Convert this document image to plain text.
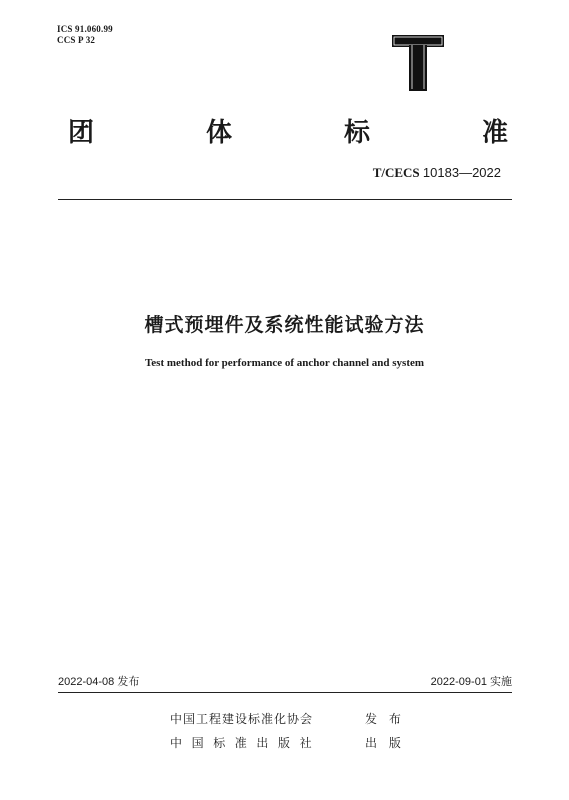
ICS 91.060.99
CCS P 32
T
团	体	标	准
T/CECS 10183—2022
槽式预埋件及系统性能试验方法
Test method for performance of anchor channel and system
2022-04-08 发布	2022-09-01 实施
中国工程建设标准化协会	发 布
中国标准出版社	出 版
